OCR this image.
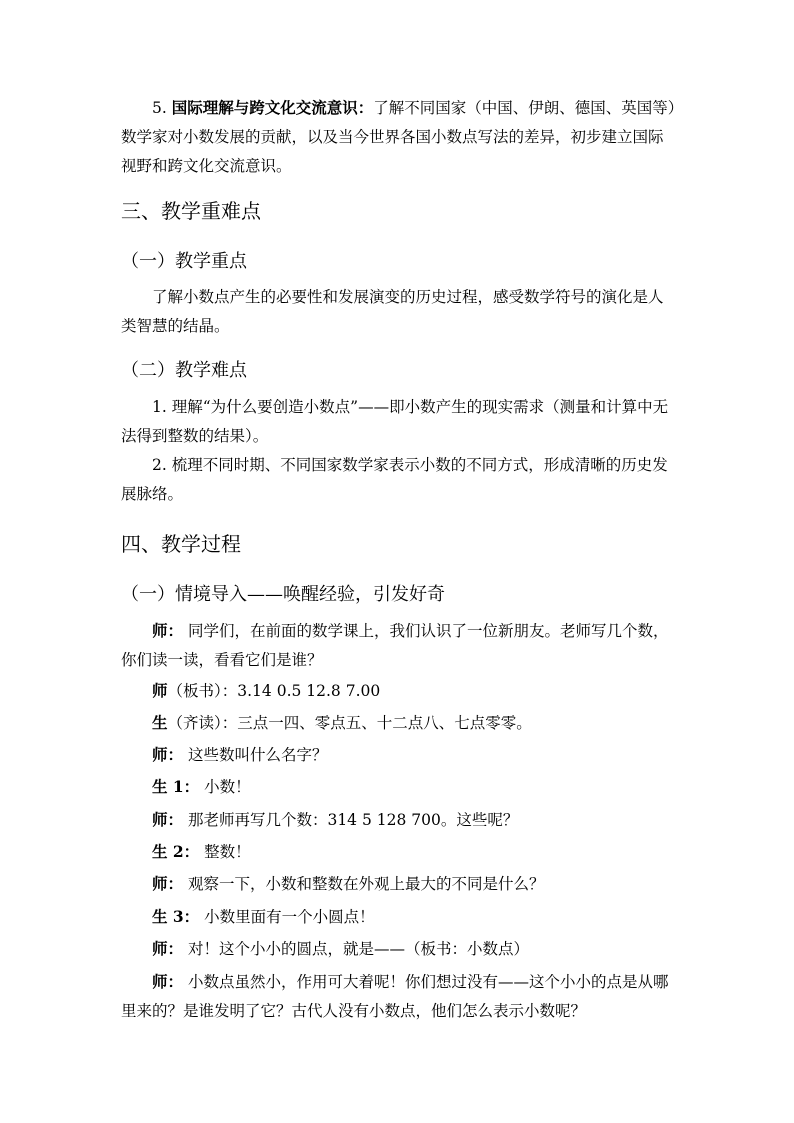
5. 国际理解与跨文化交流意识：了解不同国家（中国、伊朗、德国、英国等）数学家对小数发展的贡献，以及当今世界各国小数点写法的差异，初步建立国际视野和跨文化交流意识。

三、教学重难点
（一）教学重点

了解小数点产生的必要性和发展演变的历史过程，感受数学符号的演化是人类智慧的结晶。

（二）教学难点

1. 理解“为什么要创造小数点”——即小数产生的现实需求（测量和计算中无法得到整数的结果）。

2. 梳理不同时期、不同国家数学家表示小数的不同方式，形成清晰的历史发展脉络。

四、教学过程
（一）情境导入——唤醒经验，引发好奇

师： 同学们，在前面的数学课上，我们认识了一位新朋友。老师写几个数，你们读一读，看看它们是谁？

师（板书）：3.14 0.5 12.8 7.00

生（齐读）：三点一四、零点五、十二点八、七点零零。

师： 这些数叫什么名字？

生 1： 小数！

师： 那老师再写几个数：314 5 128 700。这些呢？

生 2： 整数！

师： 观察一下，小数和整数在外观上最大的不同是什么？

生 3： 小数里面有一个小圆点！

师： 对！这个小小的圆点，就是——（板书：小数点）

师： 小数点虽然小，作用可大着呢！你们想过没有——这个小小的点是从哪里来的？是谁发明了它？古代人没有小数点，他们怎么表示小数呢？
